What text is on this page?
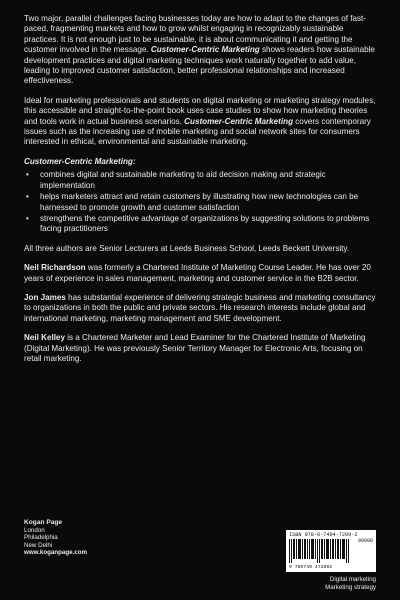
Two major, parallel challenges facing businesses today are how to adapt to the changes of fast-paced, fragmenting markets and how to grow whilst engaging in recognizably sustainable practices. It is not enough just to be sustainable, it is about communicating it and getting the customer involved in the message. Customer-Centric Marketing shows readers how sustainable development practices and digital marketing techniques work naturally together to add value, leading to improved customer satisfaction, better professional relationships and increased effectiveness.

Ideal for marketing professionals and students on digital marketing or marketing strategy modules, this accessible and straight-to-the-point book uses case studies to show how marketing theories and tools work in actual business scenarios. Customer-Centric Marketing covers contemporary issues such as the increasing use of mobile marketing and social network sites for consumers interested in ethical, environmental and sustainable marketing.

Customer-Centric Marketing:
• combines digital and sustainable marketing to aid decision making and strategic implementation
• helps marketers attract and retain customers by illustrating how new technologies can be harnessed to promote growth and customer satisfaction
• strengthens the competitive advantage of organizations by suggesting solutions to problems facing practitioners

All three authors are Senior Lecturers at Leeds Business School, Leeds Beckett University.

Neil Richardson was formerly a Chartered Institute of Marketing Course Leader. He has over 20 years of experience in sales management, marketing and customer service in the B2B sector.

Jon James has substantial experience of delivering strategic business and marketing consultancy to organizations in both the public and private sectors. His research interests include global and international marketing, marketing management and SME development.

Neil Kelley is a Chartered Marketer and Lead Examiner for the Chartered Institute of Marketing (Digital Marketing). He was previously Senior Territory Manager for Electronic Arts, focusing on retail marketing.

Kogan Page
London
Philadelphia
New Delhi
www.koganpage.com
ISBN 978-0-7494-7209-2
90000
9 780749 472092
Digital marketing
Marketing strategy
